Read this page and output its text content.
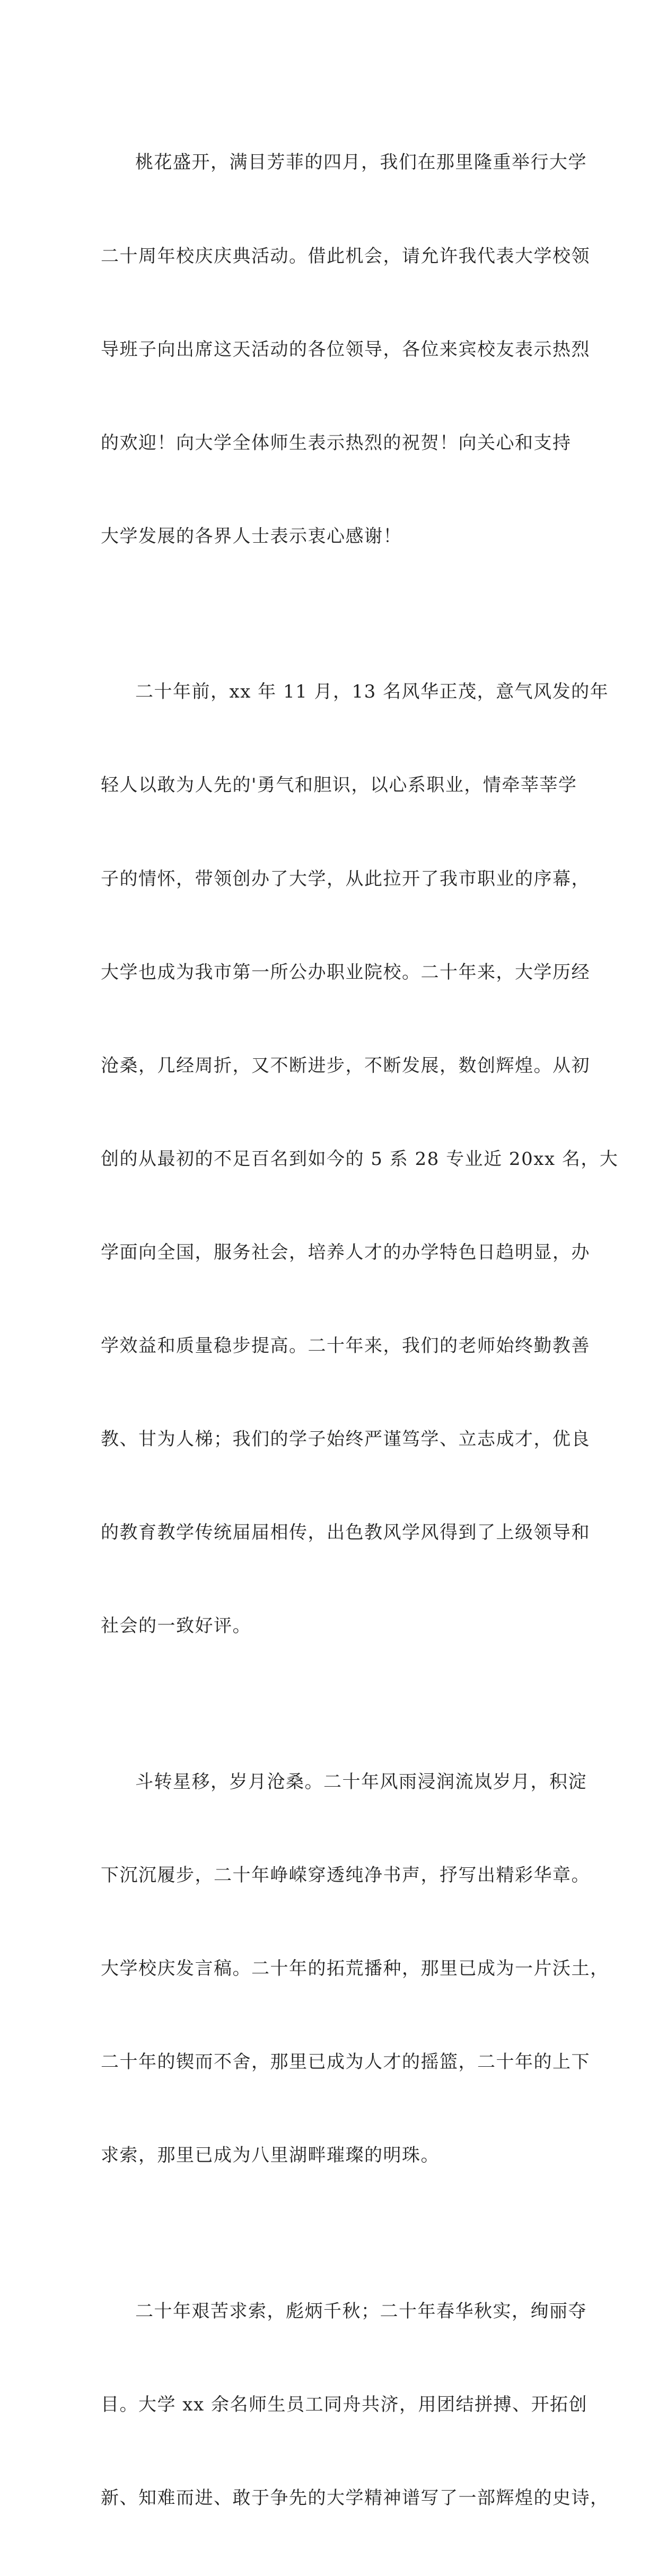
桃花盛开，满目芳菲的四月，我们在那里隆重举行大学

二十周年校庆庆典活动。借此机会，请允许我代表大学校领

导班子向出席这天活动的各位领导，各位来宾校友表示热烈

的欢迎！向大学全体师生表示热烈的祝贺！向关心和支持

大学发展的各界人士表示衷心感谢！

二十年前，xx 年 11 月，13 名风华正茂，意气风发的年

轻人以敢为人先的'勇气和胆识，以心系职业，情牵莘莘学

子的情怀，带领创办了大学，从此拉开了我市职业的序幕，

大学也成为我市第一所公办职业院校。二十年来，大学历经

沧桑，几经周折，又不断进步，不断发展，数创辉煌。从初

创的从最初的不足百名到如今的 5 系 28 专业近 20xx 名，大

学面向全国，服务社会，培养人才的办学特色日趋明显，办

学效益和质量稳步提高。二十年来，我们的老师始终勤教善

教、甘为人梯；我们的学子始终严谨笃学、立志成才，优良

的教育教学传统届届相传，出色教风学风得到了上级领导和

社会的一致好评。

斗转星移，岁月沧桑。二十年风雨浸润流岚岁月，积淀

下沉沉履步，二十年峥嵘穿透纯净书声，抒写出精彩华章。

大学校庆发言稿。二十年的拓荒播种，那里已成为一片沃土，

二十年的锲而不舍，那里已成为人才的摇篮，二十年的上下

求索，那里已成为八里湖畔璀璨的明珠。

二十年艰苦求索，彪炳千秋；二十年春华秋实，绚丽夺

目。大学 xx 余名师生员工同舟共济，用团结拼搏、开拓创

新、知难而进、敢于争先的大学精神谱写了一部辉煌的史诗，
